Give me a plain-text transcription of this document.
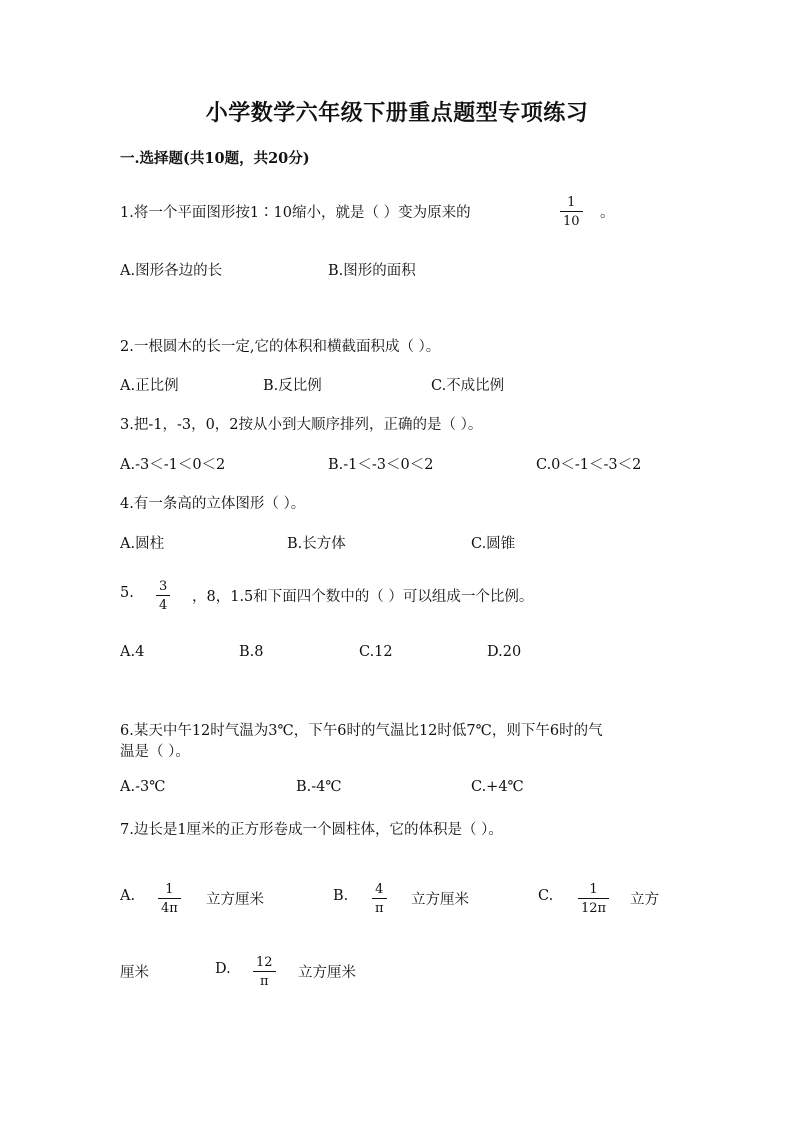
小学数学六年级下册重点题型专项练习
一.选择题(共10题，共20分)
1.将一个平面图形按1∶10缩小，就是（ ）变为原来的
1
10
。
A.图形各边的长	B.图形的面积
2.一根圆木的长一定,它的体积和横截面积成（ ）。
A.正比例	B.反比例	C.不成比例
3.把-1，-3，0，2按从小到大顺序排列，正确的是（ ）。
A.-3＜-1＜0＜2	B.-1＜-3＜0＜2	C.0＜-1＜-3＜2
4.有一条高的立体图形（ ）。
A.圆柱	B.长方体	C.圆锥
5. 3
4
，8，1.5和下面四个数中的（ ）可以组成一个比例。
A.4	B.8	C.12	D.20
6.某天中午12时气温为3℃，下午6时的气温比12时低7℃，则下午6时的气
温是（ ）。
A.-3℃	B.-4℃	C.+4℃
7.边长是1厘米的正方形卷成一个圆柱体，它的体积是（ ）。
A. 1
4π
立方厘米	B. 4
π
立方厘米	C.	1
12π
立方
厘米	D. 12
π
立方厘米
